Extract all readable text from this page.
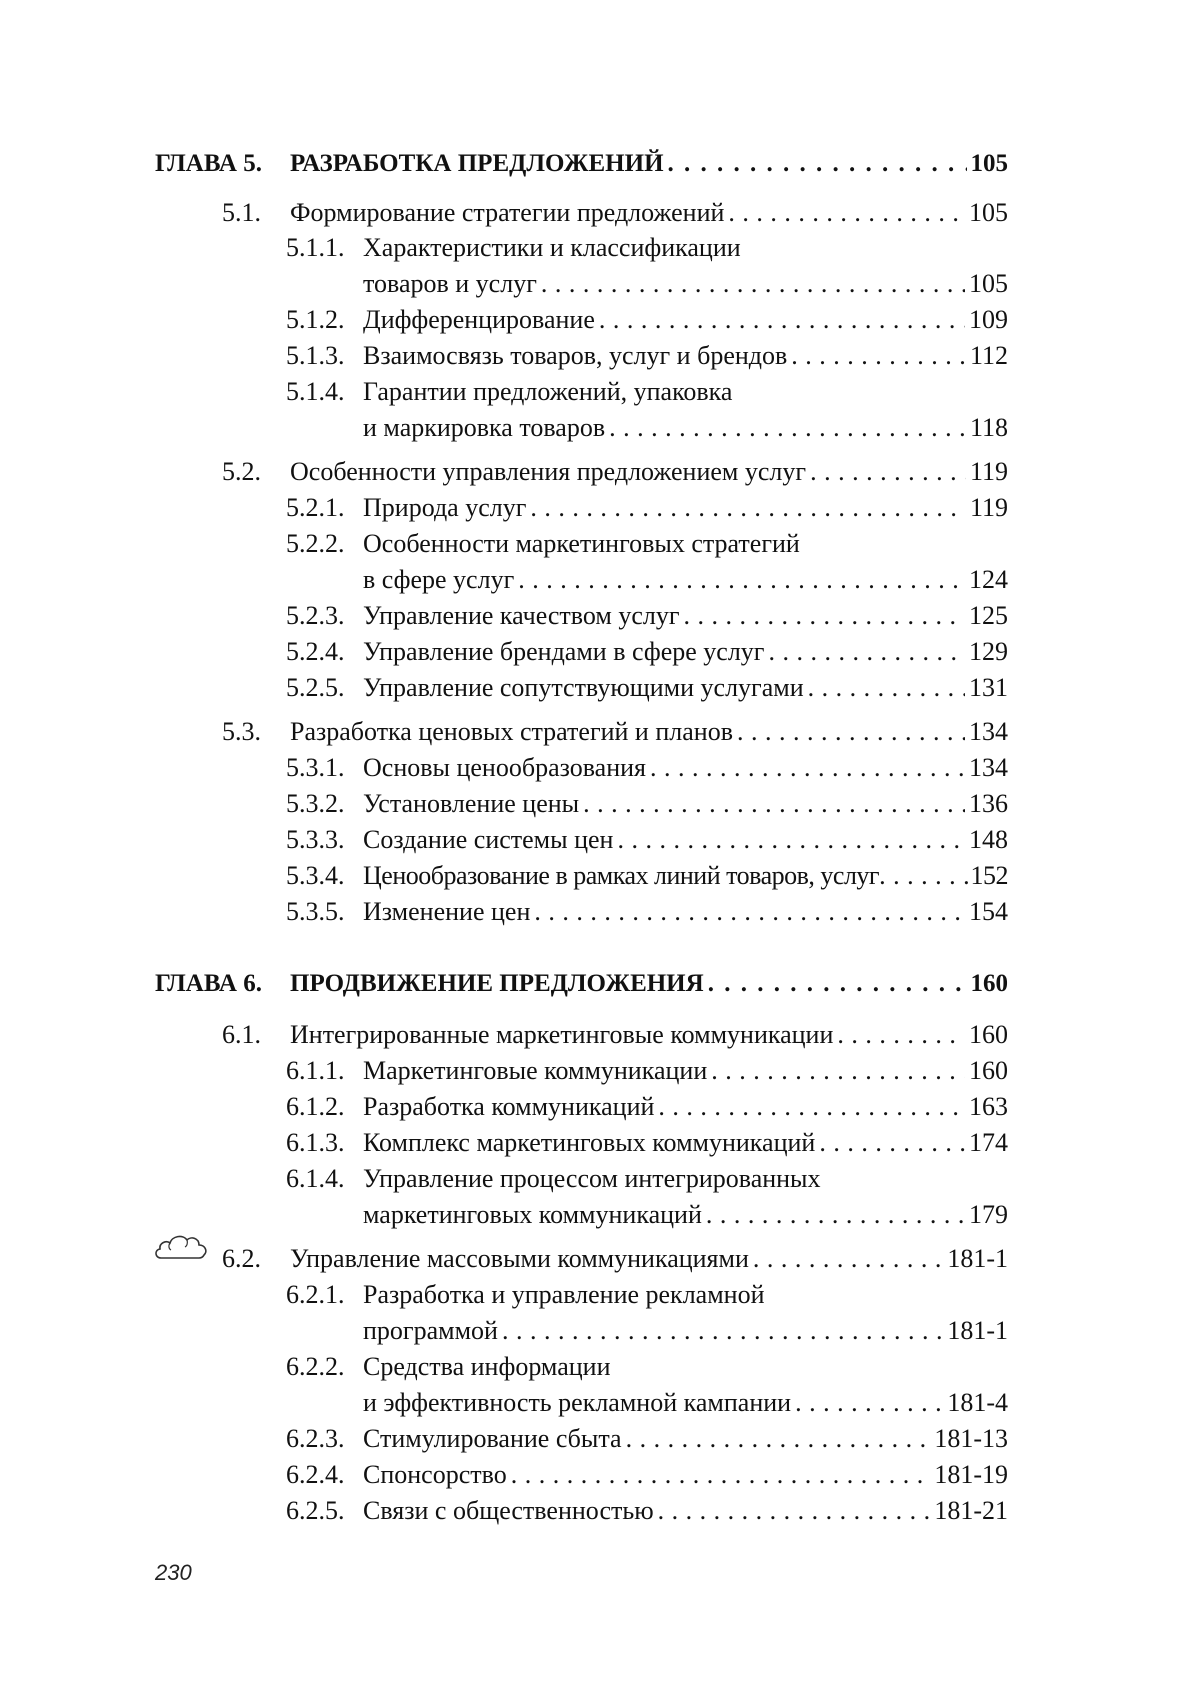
ГЛАВА 5. РАЗРАБОТКА ПРЕДЛОЖЕНИЙ . . .	105
5.1. Формирование стратегии предложений . . .	105
5.1.1. Характеристики и классификации
товаров и услуг . . .	105
5.1.2. Дифференцирование . . .	109
5.1.3. Взаимосвязь товаров, услуг и брендов . . .	112
5.1.4. Гарантии предложений, упаковка
и маркировка товаров . . .	118
5.2. Особенности управления предложением услуг . . .	119
5.2.1. Природа услуг . . .	119
5.2.2. Особенности маркетинговых стратегий
в сфере услуг . . .	124
5.2.3. Управление качеством услуг . . .	125
5.2.4. Управление брендами в сфере услуг . . .	129
5.2.5. Управление сопутствующими услугами . . .	131
5.3. Разработка ценовых стратегий и планов . . .	134
5.3.1. Основы ценообразования . . .	134
5.3.2. Установление цены . . .	136
5.3.3. Создание системы цен . . .	148
5.3.4. Ценообразование в рамках линий товаров, услуг . . .	152
5.3.5. Изменение цен . . .	154
ГЛАВА 6. ПРОДВИЖЕНИЕ ПРЕДЛОЖЕНИЯ . . .	160
6.1. Интегрированные маркетинговые коммуникации . . .	160
6.1.1. Маркетинговые коммуникации . . .	160
6.1.2. Разработка коммуникаций . . .	163
6.1.3. Комплекс маркетинговых коммуникаций . . .	174
6.1.4. Управление процессом интегрированных
маркетинговых коммуникаций . . .	179
6.2. Управление массовыми коммуникациями . . .	181-1
6.2.1. Разработка и управление рекламной
программой . . .	181-1
6.2.2. Средства информации
и эффективность рекламной кампании . . .	181-4
6.2.3. Стимулирование сбыта . . .	181-13
6.2.4. Спонсорство . . .	181-19
6.2.5. Связи с общественностью . . .	181-21
230
